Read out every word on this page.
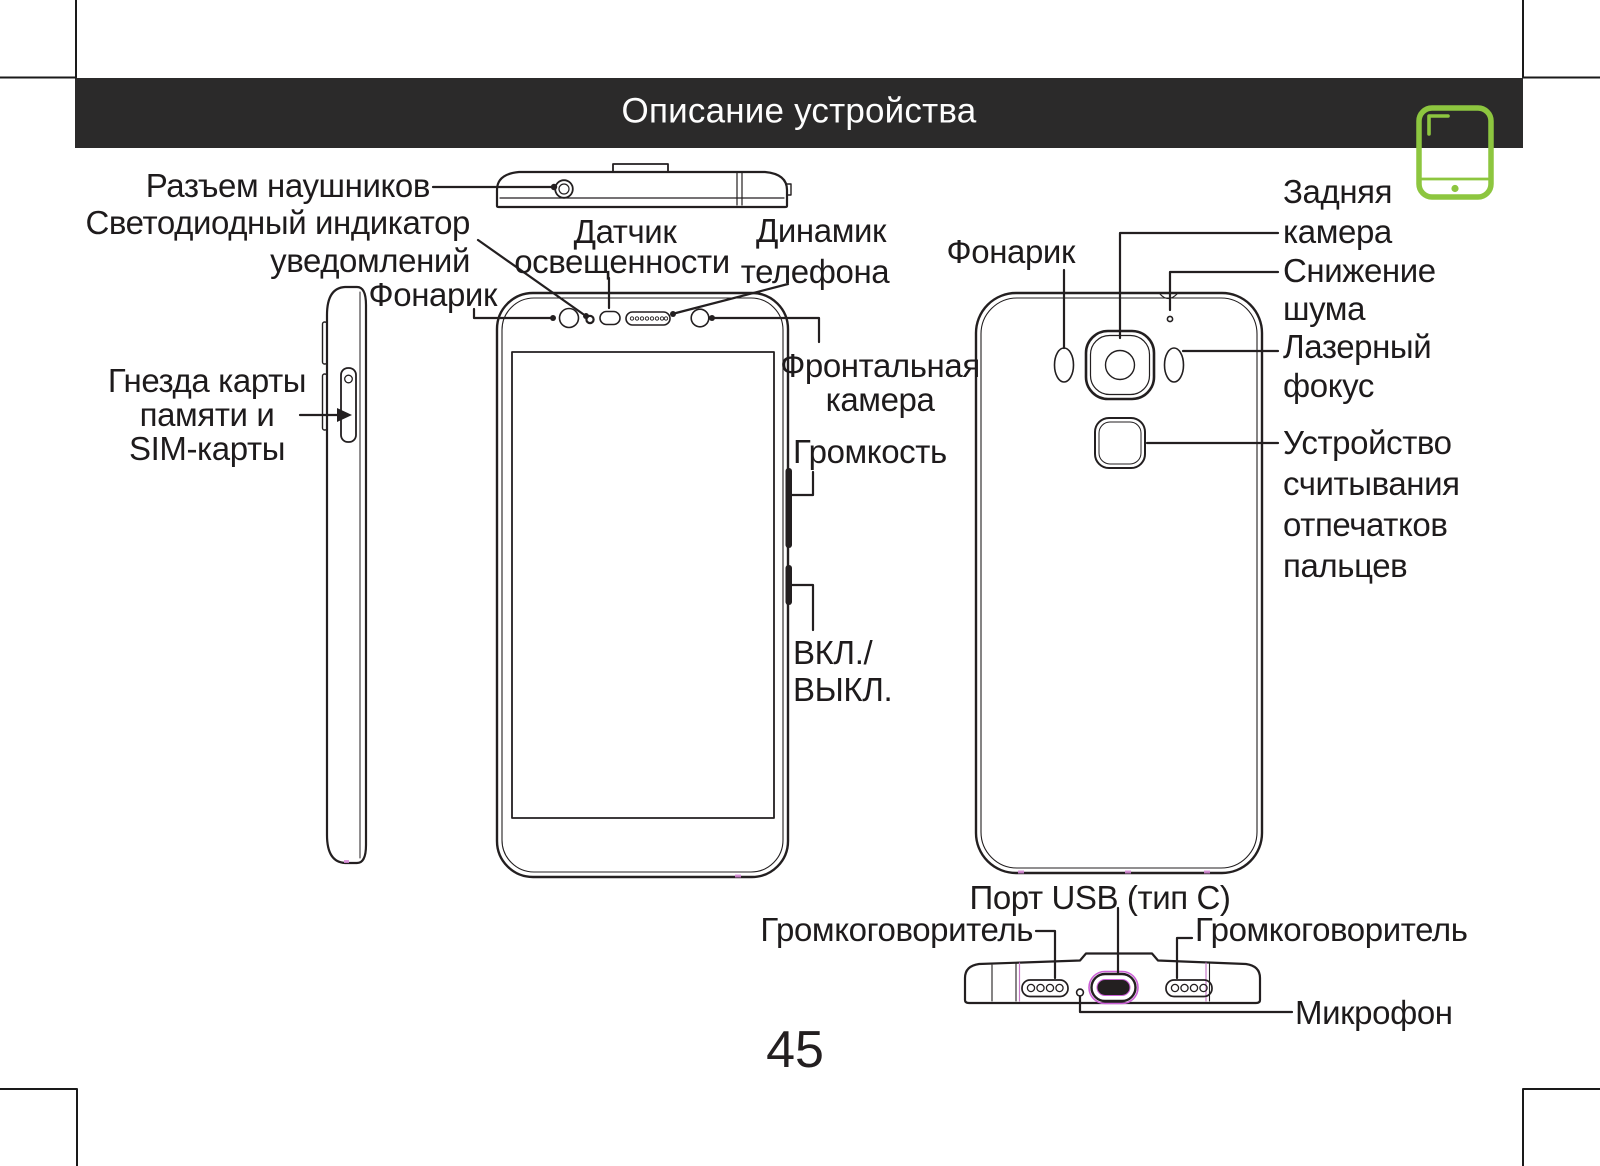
Описание устройства
Разъем наушников
Светодиодный индикатор
уведомлений
Фонарик
Датчик
освещенности
Динамик
телефона
Фронтальная
камера
Громкость
ВКЛ./
ВЫКЛ.
Гнезда карты
памяти и
SIM-карты
Фонарик
Задняя
камера
Снижение
шума
Лазерный
фокус
Устройство
считывания
отпечатков
пальцев
Порт USB (тип C)
Громкоговоритель	Громкоговоритель
Микрофон
45
